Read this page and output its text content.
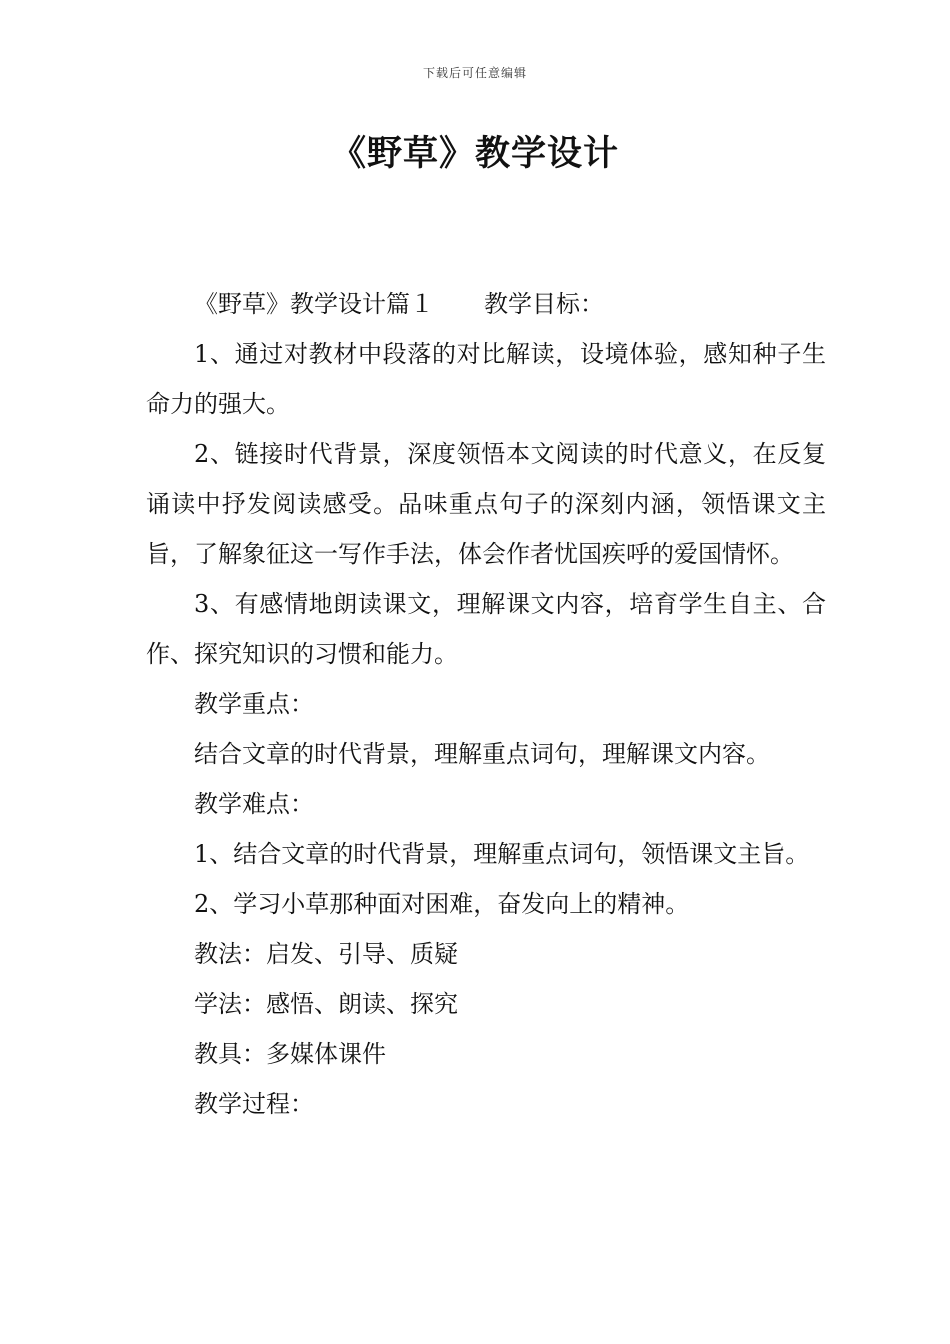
下载后可任意编辑
《野草》教学设计

《野草》教学设计篇１ 教学目标：

1、通过对教材中段落的对比解读，设境体验，感知种子生命力的强大。

2、链接时代背景，深度领悟本文阅读的时代意义，在反复诵读中抒发阅读感受。品味重点句子的深刻内涵，领悟课文主旨，了解象征这一写作手法，体会作者忧国疾呼的爱国情怀。

3、有感情地朗读课文，理解课文内容，培育学生自主、合作、探究知识的习惯和能力。

教学重点：

结合文章的时代背景，理解重点词句，理解课文内容。

教学难点：

1、结合文章的时代背景，理解重点词句，领悟课文主旨。

2、学习小草那种面对困难，奋发向上的精神。

教法：启发、引导、质疑

学法：感悟、朗读、探究

教具：多媒体课件

教学过程：
